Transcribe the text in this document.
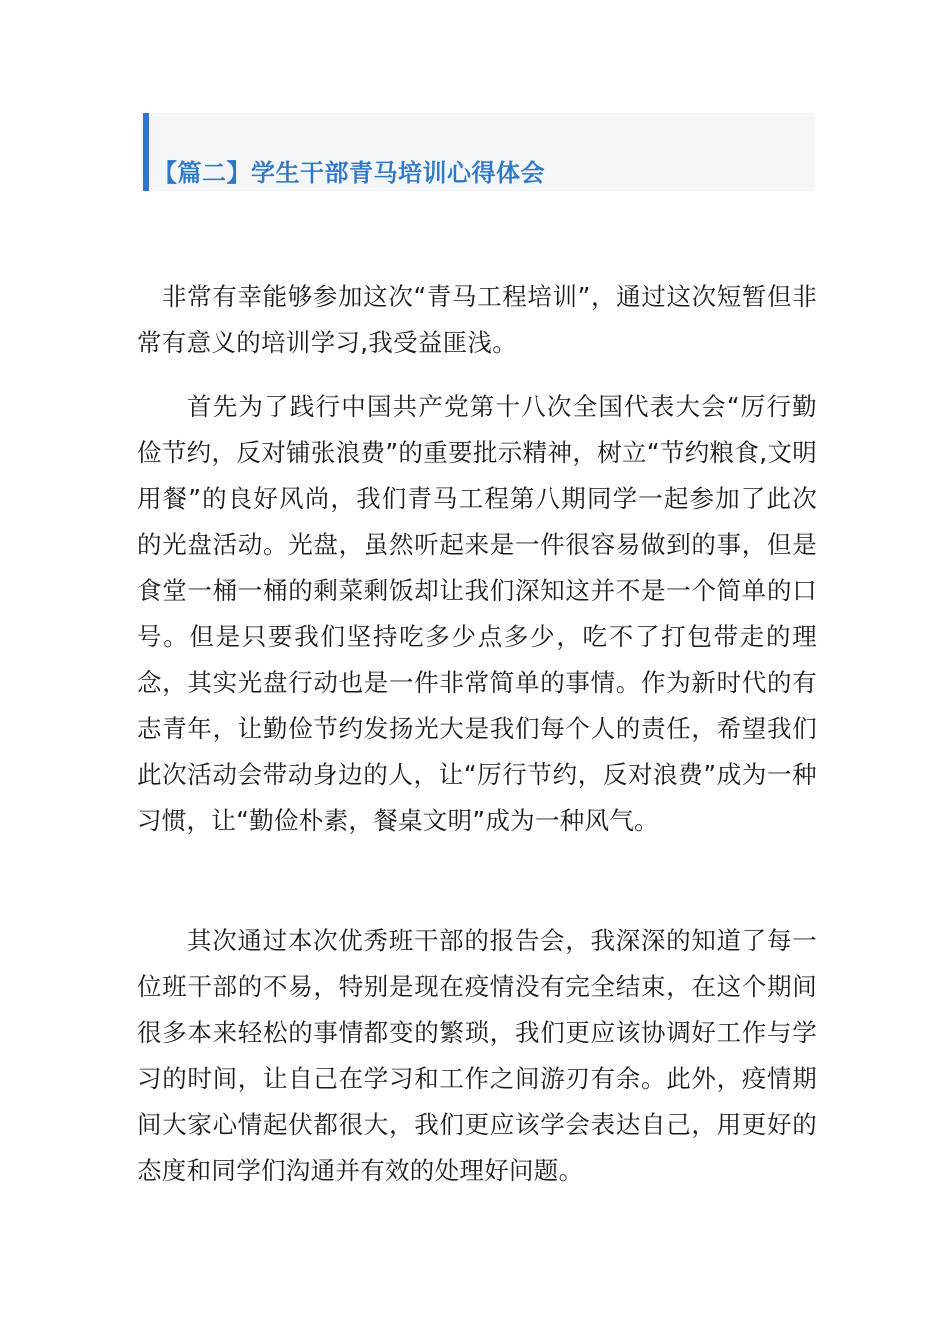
【篇二】学生干部青马培训心得体会

非常有幸能够参加这次“青马工程培训”，通过这次短暂但非常有意义的培训学习,我受益匪浅。

首先为了践行中国共产党第十八次全国代表大会“厉行勤俭节约，反对铺张浪费”的重要批示精神，树立“节约粮食,文明用餐”的良好风尚，我们青马工程第八期同学一起参加了此次的光盘活动。光盘，虽然听起来是一件很容易做到的事，但是食堂一桶一桶的剩菜剩饭却让我们深知这并不是一个简单的口号。但是只要我们坚持吃多少点多少，吃不了打包带走的理念，其实光盘行动也是一件非常简单的事情。作为新时代的有志青年，让勤俭节约发扬光大是我们每个人的责任，希望我们此次活动会带动身边的人，让“厉行节约，反对浪费”成为一种习惯，让“勤俭朴素，餐桌文明”成为一种风气。

其次通过本次优秀班干部的报告会，我深深的知道了每一位班干部的不易，特别是现在疫情没有完全结束，在这个期间很多本来轻松的事情都变的繁琐，我们更应该协调好工作与学习的时间，让自己在学习和工作之间游刃有余。此外，疫情期间大家心情起伏都很大，我们更应该学会表达自己，用更好的态度和同学们沟通并有效的处理好问题。
